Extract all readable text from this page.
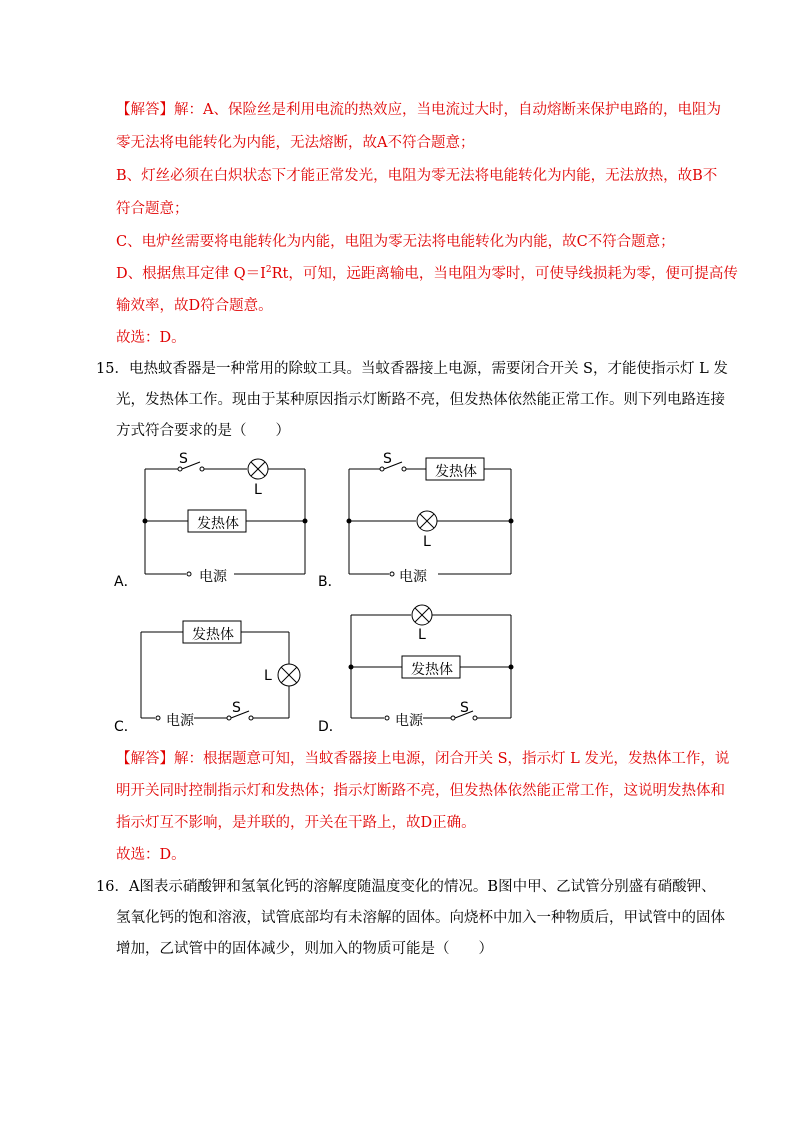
【解答】解：A、保险丝是利用电流的热效应，当电流过大时，自动熔断来保护电路的，电阻为
零无法将电能转化为内能，无法熔断，故A不符合题意；
B、灯丝必须在白炽状态下才能正常发光，电阻为零无法将电能转化为内能，无法放热，故B不
符合题意；
C、电炉丝需要将电能转化为内能，电阻为零无法将电能转化为内能，故C不符合题意；
D、根据焦耳定律 $Q=I^2Rt$，可知，远距离输电，当电阻为零时，可使导线损耗为零，便可提高传
输效率，故D符合题意。
故选：D。
15．电热蚊香器是一种常用的除蚊工具。当蚊香器接上电源，需要闭合开关 S，才能使指示灯 L 发
光，发热体工作。现由于某种原因指示灯断路不亮，但发热体依然能正常工作。则下列电路连接
方式符合要求的是（　　）
S
L
发热体
电源
A．
S
发热体
L
电源
B．
发热体
L
S
电源
C．
L
发热体
S
电源
D．
【解答】解：根据题意可知，当蚊香器接上电源，闭合开关 S，指示灯 L 发光，发热体工作，说
明开关同时控制指示灯和发热体；指示灯断路不亮，但发热体依然能正常工作，这说明发热体和
指示灯互不影响，是并联的，开关在干路上，故D正确。
故选：D。
16．A图表示硝酸钾和氢氧化钙的溶解度随温度变化的情况。B图中甲、乙试管分别盛有硝酸钾、
氢氧化钙的饱和溶液，试管底部均有未溶解的固体。向烧杯中加入一种物质后，甲试管中的固体
增加，乙试管中的固体减少，则加入的物质可能是（　　）
